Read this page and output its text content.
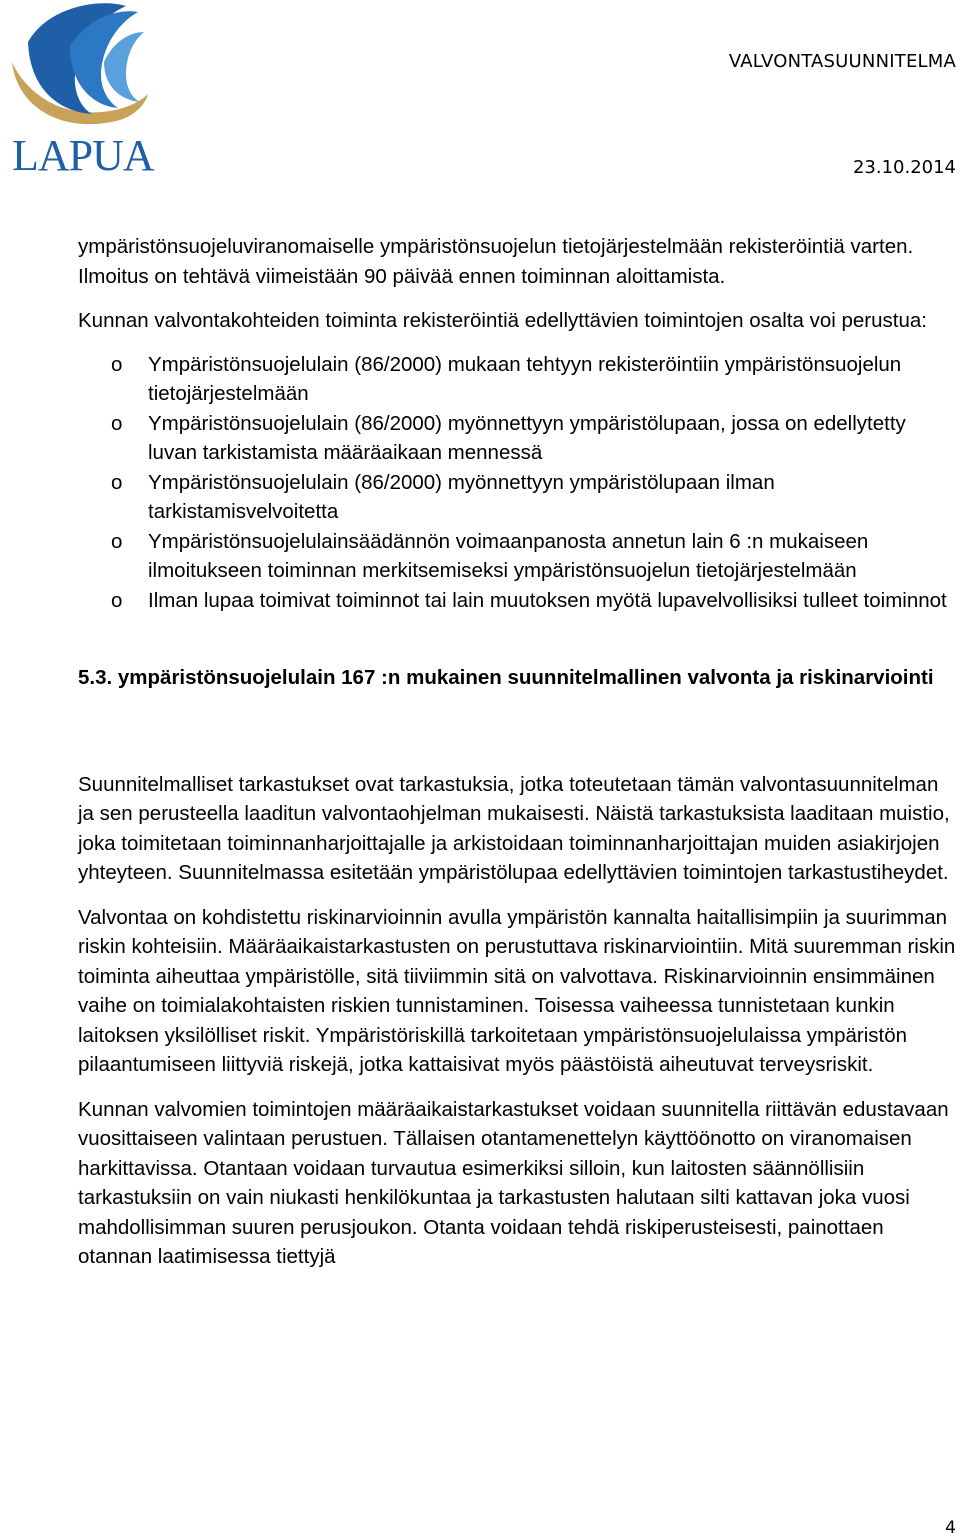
LAPUA
VALVONTASUUNNITELMA
23.10.2014

ympäristönsuojeluviranomaiselle ympäristönsuojelun tietojärjestelmään rekisteröintiä varten. Ilmoitus on tehtävä viimeistään 90 päivää ennen toiminnan aloittamista.

Kunnan valvontakohteiden toiminta rekisteröintiä edellyttävien toimintojen osalta voi perustua:

o Ympäristönsuojelulain (86/2000) mukaan tehtyyn rekisteröintiin ympäristönsuojelun tietojärjestelmään
o Ympäristönsuojelulain (86/2000) myönnettyyn ympäristölupaan, jossa on edellytetty luvan tarkistamista määräaikaan mennessä
o Ympäristönsuojelulain (86/2000) myönnettyyn ympäristölupaan ilman tarkistamisvelvoitetta
o Ympäristönsuojelulainsäädännön voimaanpanosta annetun lain 6 :n mukaiseen ilmoitukseen toiminnan merkitsemiseksi ympäristönsuojelun tietojärjestelmään
o Ilman lupaa toimivat toiminnot tai lain muutoksen myötä lupavelvollisiksi tulleet toiminnot

5.3. ympäristönsuojelulain 167 :n mukainen suunnitelmallinen valvonta ja riskinarviointi

Suunnitelmalliset tarkastukset ovat tarkastuksia, jotka toteutetaan tämän valvontasuunnitelman ja sen perusteella laaditun valvontaohjelman mukaisesti. Näistä tarkastuksista laaditaan muistio, joka toimitetaan toiminnanharjoittajalle ja arkistoidaan toiminnanharjoittajan muiden asiakirjojen yhteyteen. Suunnitelmassa esitetään ympäristölupaa edellyttävien toimintojen tarkastustiheydet.

Valvontaa on kohdistettu riskinarvioinnin avulla ympäristön kannalta haitallisimpiin ja suurimman riskin kohteisiin. Määräaikaistarkastusten on perustuttava riskinarviointiin. Mitä suuremman riskin toiminta aiheuttaa ympäristölle, sitä tiiviimmin sitä on valvottava. Riskinarvioinnin ensimmäinen vaihe on toimialakohtaisten riskien tunnistaminen. Toisessa vaiheessa tunnistetaan kunkin laitoksen yksilölliset riskit. Ympäristöriskillä tarkoitetaan ympäristönsuojelulaissa ympäristön pilaantumiseen liittyviä riskejä, jotka kattaisivat myös päästöistä aiheutuvat terveysriskit.

Kunnan valvomien toimintojen määräaikaistarkastukset voidaan suunnitella riittävän edustavaan vuosittaiseen valintaan perustuen. Tällaisen otantamenettelyn käyttöönotto on viranomaisen harkittavissa. Otantaan voidaan turvautua esimerkiksi silloin, kun laitosten säännöllisiin tarkastuksiin on vain niukasti henkilökuntaa ja tarkastusten halutaan silti kattavan joka vuosi mahdollisimman suuren perusjoukon. Otanta voidaan tehdä riskiperusteisesti, painottaen otannan laatimisessa tiettyjä

4
